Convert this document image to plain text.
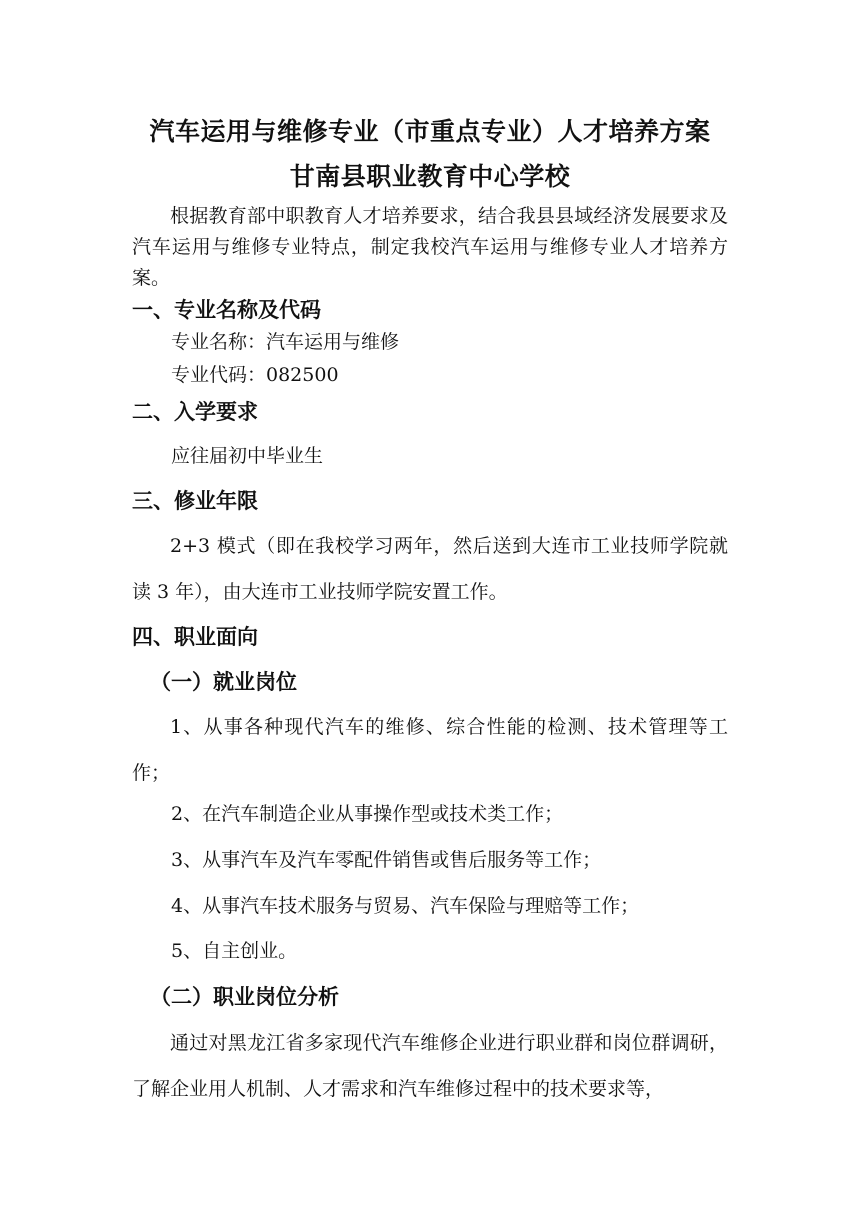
汽车运用与维修专业（市重点专业）人才培养方案
甘南县职业教育中心学校

根据教育部中职教育人才培养要求，结合我县县域经济发展要求及汽车运用与维修专业特点，制定我校汽车运用与维修专业人才培养方案。

一、专业名称及代码
专业名称：汽车运用与维修
专业代码：082500
二、入学要求
应往届初中毕业生
三、修业年限

2+3 模式（即在我校学习两年，然后送到大连市工业技师学院就读 3 年），由大连市工业技师学院安置工作。

四、职业面向
（一）就业岗位

1、从事各种现代汽车的维修、综合性能的检测、技术管理等工作；

2、在汽车制造企业从事操作型或技术类工作；
3、从事汽车及汽车零配件销售或售后服务等工作；
4、从事汽车技术服务与贸易、汽车保险与理赔等工作；
5、自主创业。
（二）职业岗位分析

通过对黑龙江省多家现代汽车维修企业进行职业群和岗位群调研，了解企业用人机制、人才需求和汽车维修过程中的技术要求等，
